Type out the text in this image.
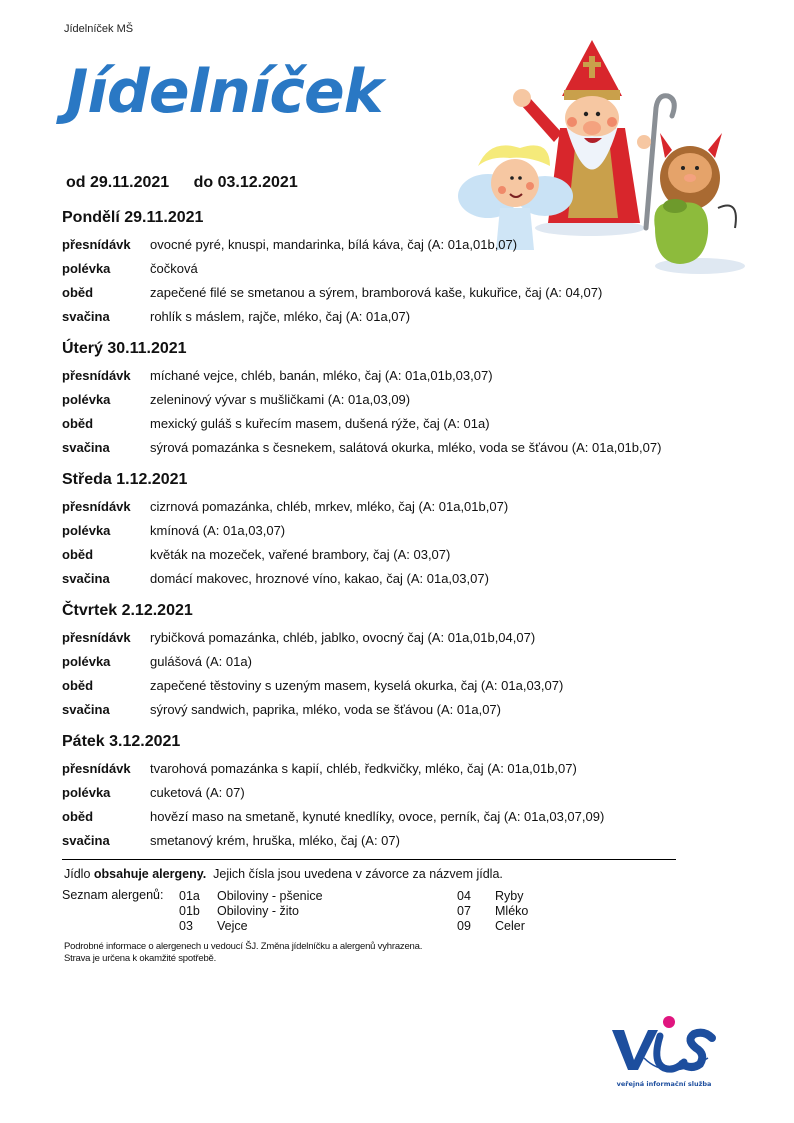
Jídelníček MŠ
Jídelníček
od 29.11.2021 do 03.12.2021
Pondělí 29.11.2021
přesnídávk	ovocné pyré, knuspi, mandarinka, bílá káva, čaj (A: 01a,01b,07)
polévka	čočková
oběd	zapečené filé se smetanou a sýrem, bramborová kaše, kukuřice, čaj (A: 04,07)
svačina	rohlík s máslem, rajče, mléko, čaj (A: 01a,07)
Úterý 30.11.2021
přesnídávk	míchané vejce, chléb, banán, mléko, čaj (A: 01a,01b,03,07)
polévka	zeleninový vývar s mušličkami (A: 01a,03,09)
oběd	mexický guláš s kuřecím masem, dušená rýže, čaj (A: 01a)
svačina	sýrová pomazánka s česnekem, salátová okurka, mléko, voda se šťávou (A: 01a,01b,07)
Středa 1.12.2021
přesnídávk	cizrnová pomazánka, chléb, mrkev, mléko, čaj (A: 01a,01b,07)
polévka	kmínová (A: 01a,03,07)
oběd	květák na mozeček, vařené brambory, čaj (A: 03,07)
svačina	domácí makovec, hroznové víno, kakao, čaj (A: 01a,03,07)
Čtvrtek 2.12.2021
přesnídávk	rybičková pomazánka, chléb, jablko, ovocný čaj (A: 01a,01b,04,07)
polévka	gulášová (A: 01a)
oběd	zapečené těstoviny s uzeným masem, kyselá okurka, čaj (A: 01a,03,07)
svačina	sýrový sandwich, paprika, mléko, voda se šťávou (A: 01a,07)
Pátek 3.12.2021
přesnídávk	tvarohová pomazánka s kapií, chléb, ředkvičky, mléko, čaj (A: 01a,01b,07)
polévka	cuketová (A: 07)
oběd	hovězí maso na smetaně, kynuté knedlíky, ovoce, perník, čaj (A: 01a,03,07,09)
svačina	smetanový krém, hruška, mléko, čaj (A: 07)
Jídlo obsahuje alergeny.  Jejich čísla jsou uvedena v závorce za názvem jídla.
Seznam alergenů: 01a Obiloviny - pšenice
01b Obiloviny - žito
03 Vejce
04 Ryby
07 Mléko
09 Celer
Podrobné informace o alergenech u vedoucí ŠJ. Změna jídelníčku a alergenů vyhrazena.
Strava je určena k okamžité spotřebě.
veřejná informační služba
